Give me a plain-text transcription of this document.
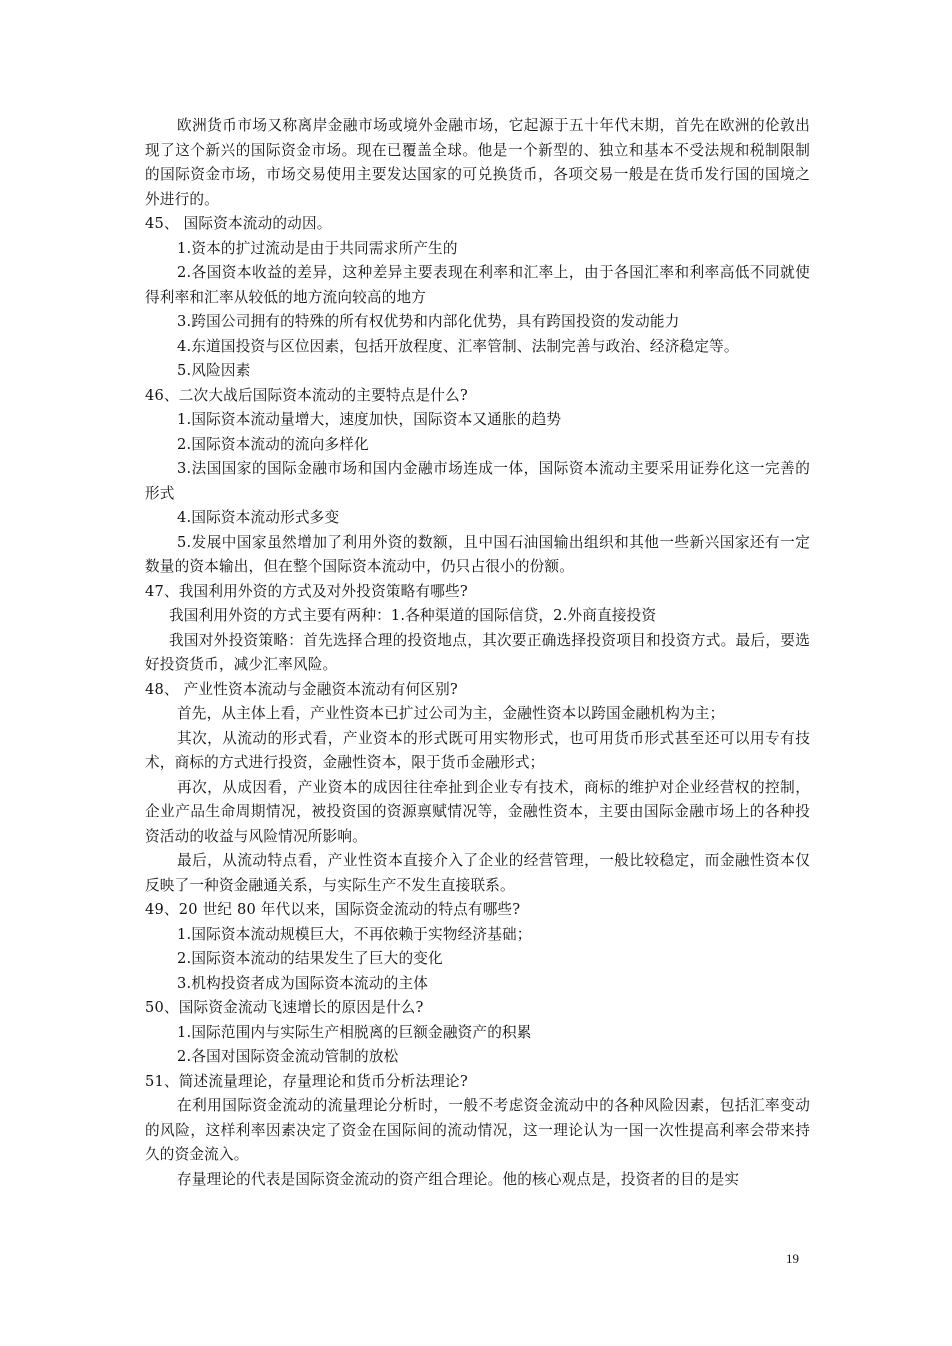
欧洲货币市场又称离岸金融市场或境外金融市场，它起源于五十年代末期，首先在欧洲的伦敦出现了这个新兴的国际资金市场。现在已覆盖全球。他是一个新型的、独立和基本不受法规和税制限制的国际资金市场，市场交易使用主要发达国家的可兑换货币，各项交易一般是在货币发行国的国境之外进行的。

45、 国际资本流动的动因。

1.资本的扩过流动是由于共同需求所产生的

2.各国资本收益的差异，这种差异主要表现在利率和汇率上，由于各国汇率和利率高低不同就使得利率和汇率从较低的地方流向较高的地方

3.跨国公司拥有的特殊的所有权优势和内部化优势，具有跨国投资的发动能力

4.东道国投资与区位因素，包括开放程度、汇率管制、法制完善与政治、经济稳定等。

5.风险因素

46、二次大战后国际资本流动的主要特点是什么?

1.国际资本流动量增大，速度加快，国际资本又通胀的趋势

2.国际资本流动的流向多样化

3.法国国家的国际金融市场和国内金融市场连成一体，国际资本流动主要采用证券化这一完善的形式

4.国际资本流动形式多变

5.发展中国家虽然增加了利用外资的数额，且中国石油国输出组织和其他一些新兴国家还有一定数量的资本输出，但在整个国际资本流动中，仍只占很小的份额。

47、我国利用外资的方式及对外投资策略有哪些?

我国利用外资的方式主要有两种：1.各种渠道的国际信贷，2.外商直接投资

我国对外投资策略：首先选择合理的投资地点，其次要正确选择投资项目和投资方式。最后，要选好投资货币，减少汇率风险。

48、 产业性资本流动与金融资本流动有何区别?

首先，从主体上看，产业性资本已扩过公司为主，金融性资本以跨国金融机构为主；

其次，从流动的形式看，产业资本的形式既可用实物形式，也可用货币形式甚至还可以用专有技术，商标的方式进行投资，金融性资本，限于货币金融形式；

再次，从成因看，产业资本的成因往往牵扯到企业专有技术，商标的维护对企业经营权的控制，企业产品生命周期情况，被投资国的资源禀赋情况等，金融性资本，主要由国际金融市场上的各种投资活动的收益与风险情况所影响。

最后，从流动特点看，产业性资本直接介入了企业的经营管理，一般比较稳定，而金融性资本仅反映了一种资金融通关系，与实际生产不发生直接联系。

49、20 世纪 80 年代以来，国际资金流动的特点有哪些?

1.国际资本流动规模巨大，不再依赖于实物经济基础；

2.国际资本流动的结果发生了巨大的变化

3.机构投资者成为国际资本流动的主体

50、国际资金流动飞速增长的原因是什么?

1.国际范围内与实际生产相脱离的巨额金融资产的积累

2.各国对国际资金流动管制的放松

51、简述流量理论，存量理论和货币分析法理论?

在利用国际资金流动的流量理论分析时，一般不考虑资金流动中的各种风险因素，包括汇率变动的风险，这样利率因素决定了资金在国际间的流动情况，这一理论认为一国一次性提高利率会带来持久的资金流入。

存量理论的代表是国际资金流动的资产组合理论。他的核心观点是，投资者的目的是实

19
